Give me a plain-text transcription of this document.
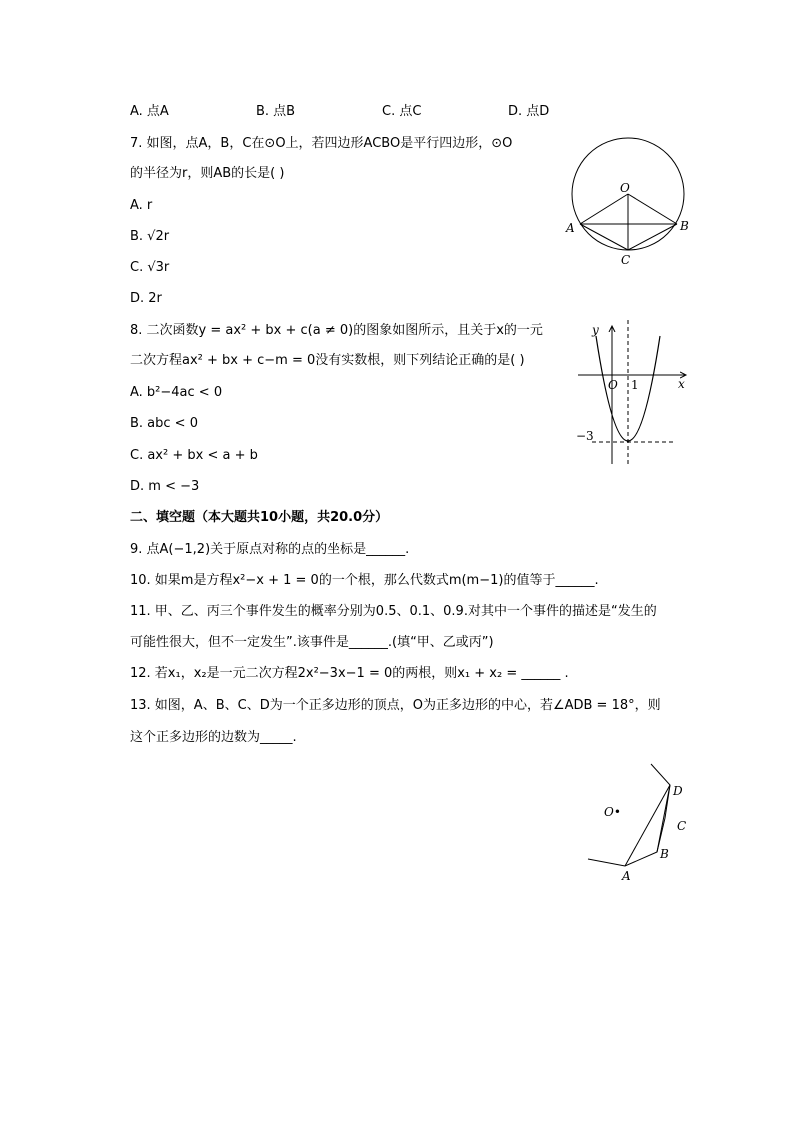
A. 点A	B. 点B	C. 点C	D. 点D
7. 如图，点A，B，C在⊙O上，若四边形ACBO是平行四边形，⊙O
的半径为r，则AB的长是( )
A. r
B. √2r
C. √3r
D. 2r
O
A	B
C
8. 二次函数y = ax² + bx + c(a ≠ 0)的图象如图所示，且关于x的一元
二次方程ax² + bx + c−m = 0没有实数根，则下列结论正确的是( )
A. b²−4ac < 0
B. abc < 0
C. ax² + bx < a + b
D. m < −3
y
x
O 1
−3
二、填空题（本大题共10小题，共20.0分）
9. 点A(−1,2)关于原点对称的点的坐标是______.
10. 如果m是方程x²−x + 1 = 0的一个根，那么代数式m(m−1)的值等于______.
11. 甲、乙、丙三个事件发生的概率分别为0.5、0.1、0.9.对其中一个事件的描述是“发生的
可能性很大，但不一定发生”.该事件是______.(填“甲、乙或丙”)
12. 若x₁，x₂是一元二次方程2x²−3x−1 = 0的两根，则x₁ + x₂ = ______ .
13. 如图，A、B、C、D为一个正多边形的顶点，O为正多边形的中心，若∠ADB = 18°，则
这个正多边形的边数为_____.
O•
A
B
C
D
